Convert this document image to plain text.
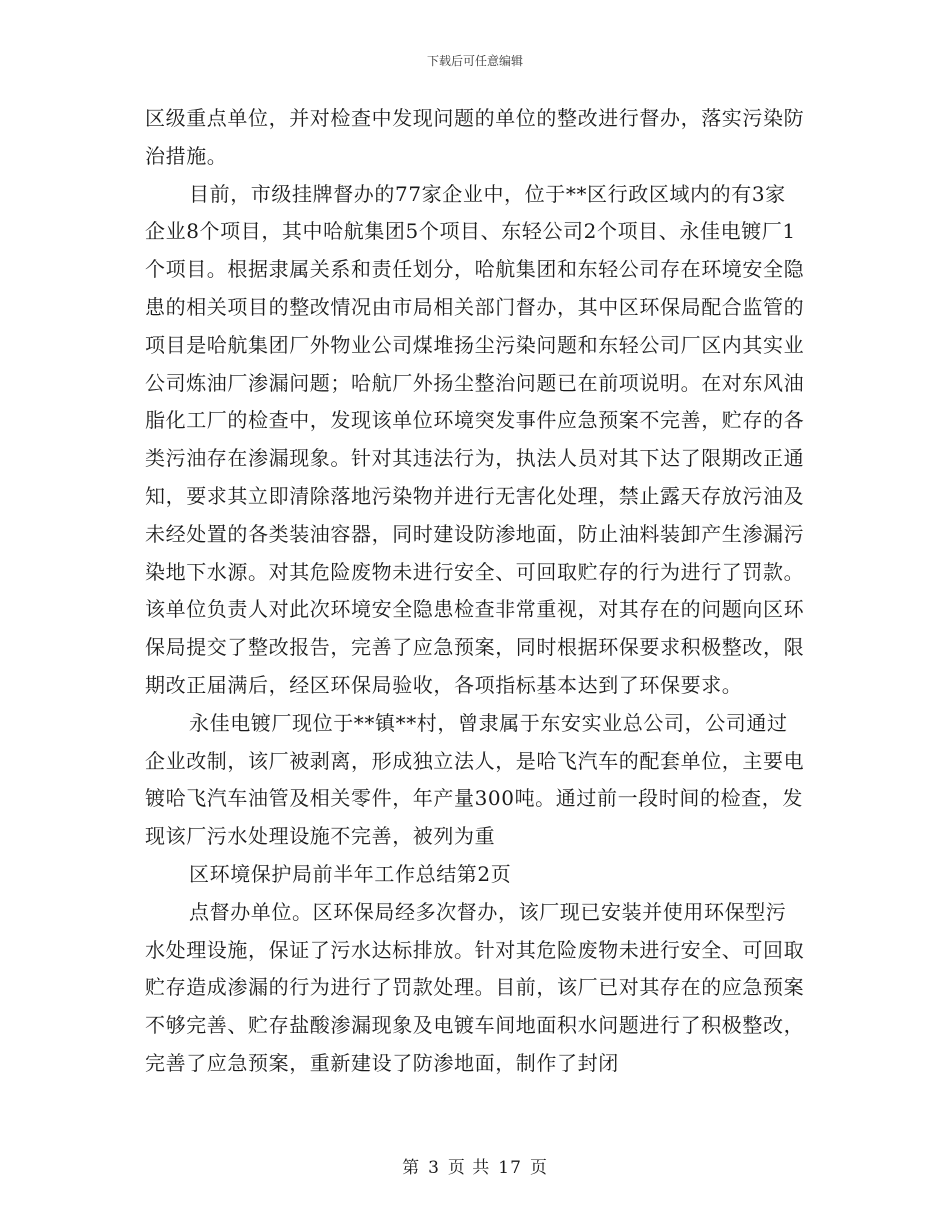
下载后可任意编辑

区级重点单位，并对检查中发现问题的单位的整改进行督办，落实污染防治措施。

目前，市级挂牌督办的77家企业中，位于**区行政区域内的有3家企业8个项目，其中哈航集团5个项目、东轻公司2个项目、永佳电镀厂1个项目。根据隶属关系和责任划分，哈航集团和东轻公司存在环境安全隐患的相关项目的整改情况由市局相关部门督办，其中区环保局配合监管的项目是哈航集团厂外物业公司煤堆扬尘污染问题和东轻公司厂区内其实业公司炼油厂渗漏问题；哈航厂外扬尘整治问题已在前项说明。在对东风油脂化工厂的检查中，发现该单位环境突发事件应急预案不完善，贮存的各类污油存在渗漏现象。针对其违法行为，执法人员对其下达了限期改正通知，要求其立即清除落地污染物并进行无害化处理，禁止露天存放污油及未经处置的各类装油容器，同时建设防渗地面，防止油料装卸产生渗漏污染地下水源。对其危险废物未进行安全、可回取贮存的行为进行了罚款。该单位负责人对此次环境安全隐患检查非常重视，对其存在的问题向区环保局提交了整改报告，完善了应急预案，同时根据环保要求积极整改，限期改正届满后，经区环保局验收，各项指标基本达到了环保要求。

永佳电镀厂现位于**镇**村，曾隶属于东安实业总公司，公司通过企业改制，该厂被剥离，形成独立法人，是哈飞汽车的配套单位，主要电镀哈飞汽车油管及相关零件，年产量300吨。通过前一段时间的检查，发现该厂污水处理设施不完善，被列为重

区环境保护局前半年工作总结第2页

点督办单位。区环保局经多次督办，该厂现已安装并使用环保型污水处理设施，保证了污水达标排放。针对其危险废物未进行安全、可回取贮存造成渗漏的行为进行了罚款处理。目前，该厂已对其存在的应急预案不够完善、贮存盐酸渗漏现象及电镀车间地面积水问题进行了积极整改，完善了应急预案，重新建设了防渗地面，制作了封闭

第 3 页 共 17 页
